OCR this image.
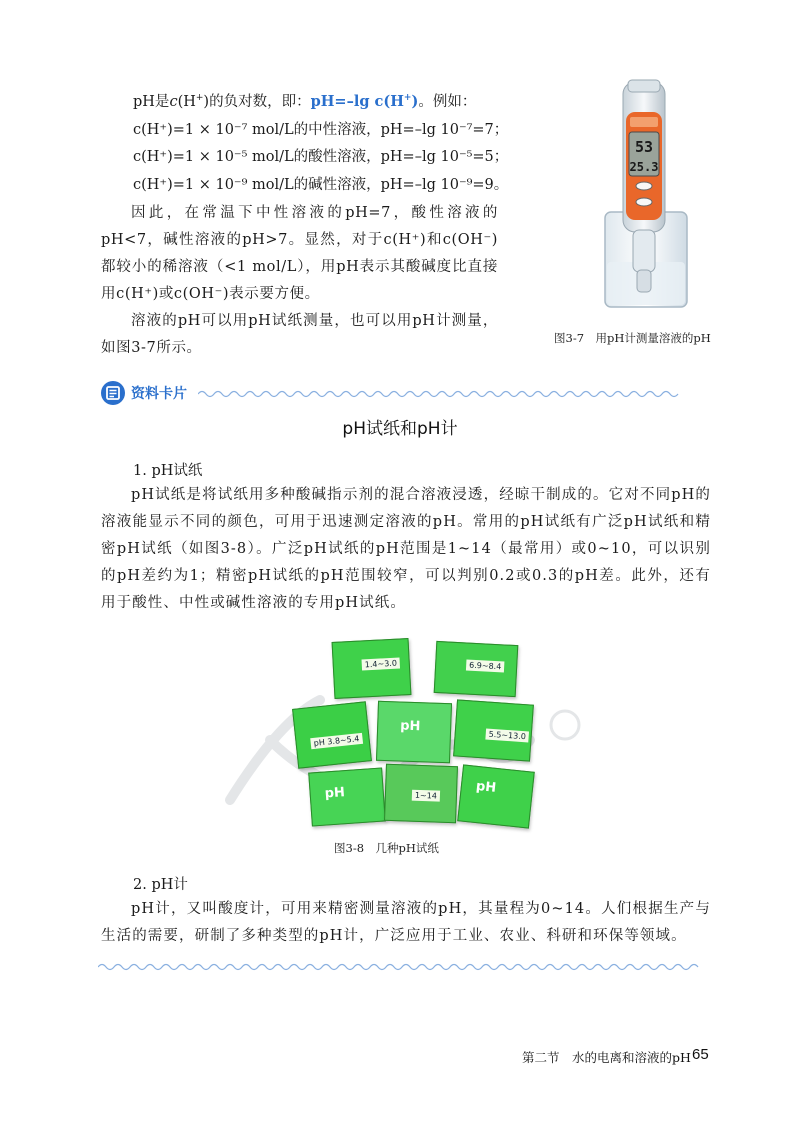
pH是c(H+)的负对数，即：pH=–lg c(H+)。例如：
c(H⁺)=1 × 10⁻⁷ mol/L的中性溶液，pH=–lg 10⁻⁷=7；
c(H⁺)=1 × 10⁻⁵ mol/L的酸性溶液，pH=–lg 10⁻⁵=5；
c(H⁺)=1 × 10⁻⁹ mol/L的碱性溶液，pH=–lg 10⁻⁹=9。
因此，在常温下中性溶液的pH=7，酸性溶液的pH<7，碱性溶液的pH>7。显然，对于c(H⁺)和c(OH⁻)都较小的稀溶液（<1 mol/L），用pH表示其酸碱度比直接用c(H⁺)或c(OH⁻)表示要方便。
溶液的pH可以用pH试纸测量，也可以用pH计测量，如图3-7所示。
53
25.3
图3-7　用pH计测量溶液的pH
资料卡片
pH试纸和pH计
1. pH试纸
pH试纸是将试纸用多种酸碱指示剂的混合溶液浸透，经晾干制成的。它对不同pH的溶液能显示不同的颜色，可用于迅速测定溶液的pH。常用的pH试纸有广泛pH试纸和精密pH试纸（如图3-8）。广泛pH试纸的pH范围是1~14（最常用）或0~10，可以识别的pH差约为1；精密pH试纸的pH范围较窄，可以判别0.2或0.3的pH差。此外，还有用于酸性、中性或碱性溶液的专用pH试纸。
1.4~3.0	6.9~8.4
pH 3.8~5.4
pH
5.5~13.0
pH	1~14	pH
图3-8　几种pH试纸
2. pH计
pH计，又叫酸度计，可用来精密测量溶液的pH，其量程为0~14。人们根据生产与生活的需要，研制了多种类型的pH计，广泛应用于工业、农业、科研和环保等领域。
第二节　水的电离和溶液的pH 65
